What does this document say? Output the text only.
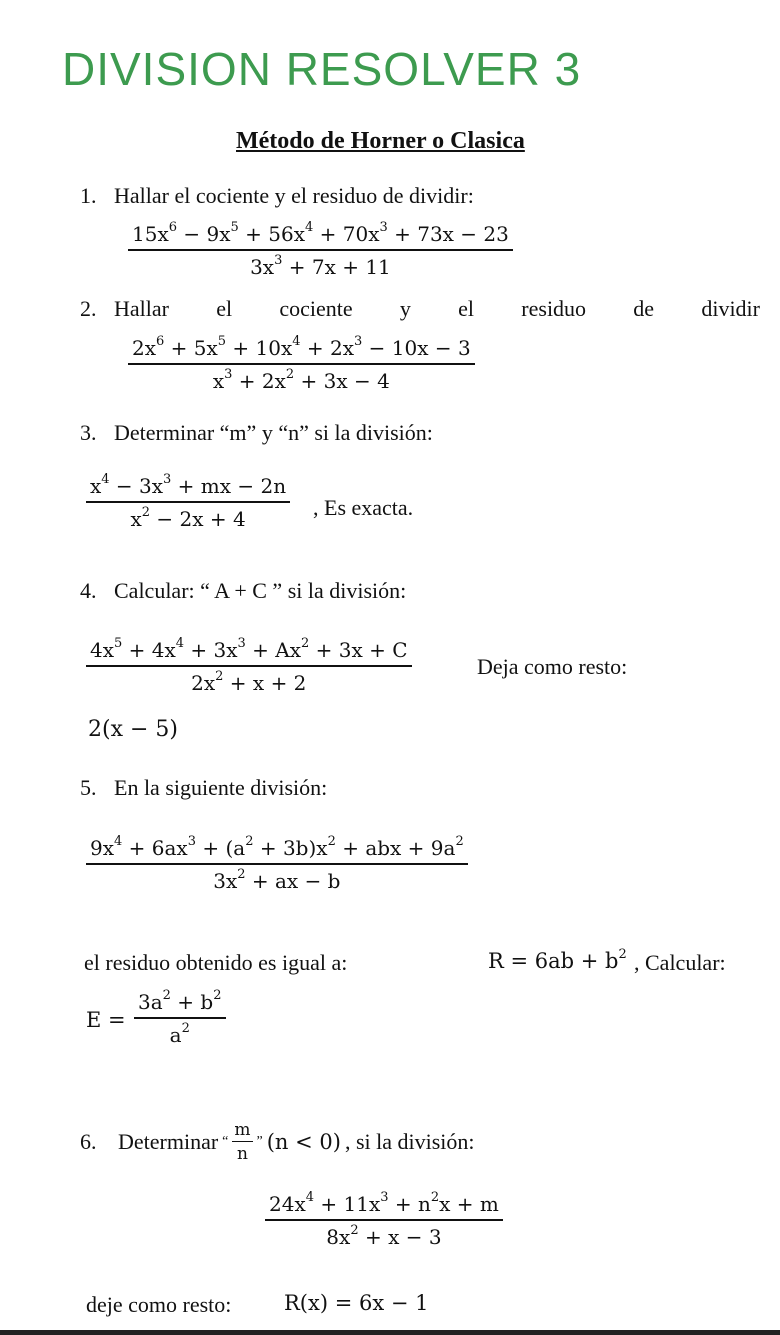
DIVISION RESOLVER 3
Método de Horner o Clasica
1. Hallar el cociente y el residuo de dividir:
$\frac{15x^6 - 9x^5 + 56x^4 + 70x^3 + 73x - 23}{3x^3 + 7x + 11}$
2. Hallar el cociente y el residuo de dividir
$\frac{2x^6 + 5x^5 + 10x^4 + 2x^3 - 10x - 3}{x^3 + 2x^2 + 3x - 4}$
3. Determinar “m” y “n” si la división:
$\frac{x^4 - 3x^3 + mx - 2n}{x^2 - 2x + 4}$ , Es exacta.
4. Calcular: “ A + C ” si la división:
$\frac{4x^5 + 4x^4 + 3x^3 + Ax^2 + 3x + C}{2x^2 + x + 2}$	Deja como resto:
2(x − 5)
5. En la siguiente división:
$9x^4 + 6ax^3 + (a^2 + 3b)x^2$ + abx + $9a^2$
$3x^2$ + ax − b
el residuo obtenido es igual a:	$R = 6ab + b^2$ , Calcular:
$E = \frac{3a^2 + b^2}{a^2}$
6. Determinar “
m
n
” (n < 0) , si la división:
$\frac{24x^4 + 11x^3 + n^2x + m}{8x^2 + x - 3}$
deje como resto:	R(x) = 6x − 1
